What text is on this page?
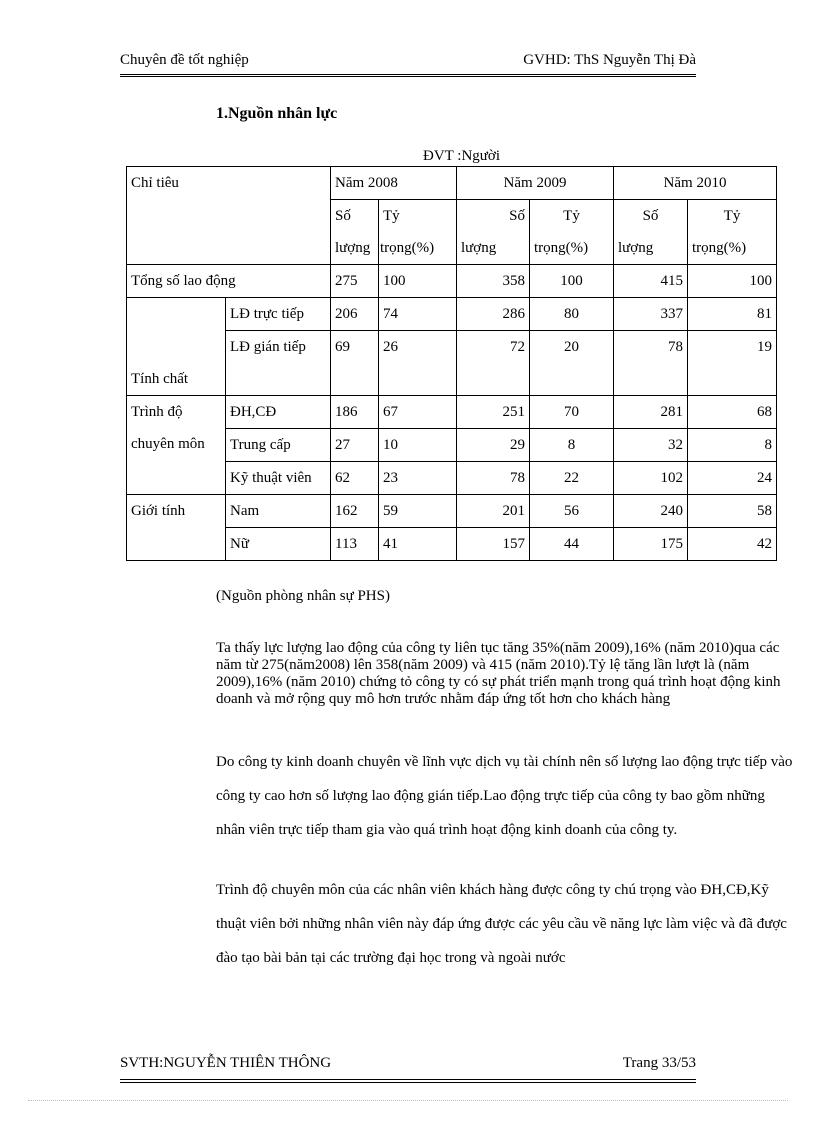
Chuyên đề tốt nghiệp	GVHD: ThS Nguyễn Thị Đà
1.Nguồn nhân lực
ĐVT :Người
Chỉ tiêu		Năm 2008		Năm 2009		Năm 2010	
		Số	Tỷ	Số	Tỷ	Số	Tỷ
		lượng	trọng(%)	lượng	trọng(%)	lượng	trọng(%)
Tổng số lao động		275	100	358	100	415	100
Tính chất	LĐ trực tiếp	206	74	286	80	337	81
	LĐ gián tiếp	69	26	72	20	78	19
Trình độ chuyên môn	ĐH,CĐ	186	67	251	70	281	68
	Trung cấp	27	10	29	8	32	8
	Kỹ thuật viên	62	23	78	22	102	24
Giới tính	Nam	162	59	201	56	240	58
	Nữ	113	41	157	44	175	42
(Nguồn phòng nhân sự PHS)
Ta thấy lực lượng lao động của công ty liên tục tăng 35%(năm 2009),16% (năm 2010)qua các năm từ 275(năm2008) lên 358(năm 2009) và 415 (năm 2010).Tỷ lệ tăng lần lượt là (năm 2009),16% (năm 2010) chứng tỏ công ty có sự phát triển mạnh trong quá trình hoạt động kinh doanh và mở rộng quy mô hơn trước nhằm đáp ứng tốt hơn cho khách hàng
Do công ty kinh doanh chuyên về lĩnh vực dịch vụ tài chính nên số lượng lao động trực tiếp vào công ty cao hơn số lượng lao động gián tiếp.Lao động trực tiếp của công ty bao gồm những nhân viên trực tiếp tham gia vào quá trình hoạt động kinh doanh của công ty.
Trình độ chuyên môn của các nhân viên khách hàng được công ty chú trọng vào ĐH,CĐ,Kỹ thuật viên bởi những nhân viên này đáp ứng được các yêu cầu về năng lực làm việc và đã được đào tạo bài bản tại các trường đại học trong và ngoài nước
SVTH:NGUYỄN THIÊN THÔNG	Trang 33/53
